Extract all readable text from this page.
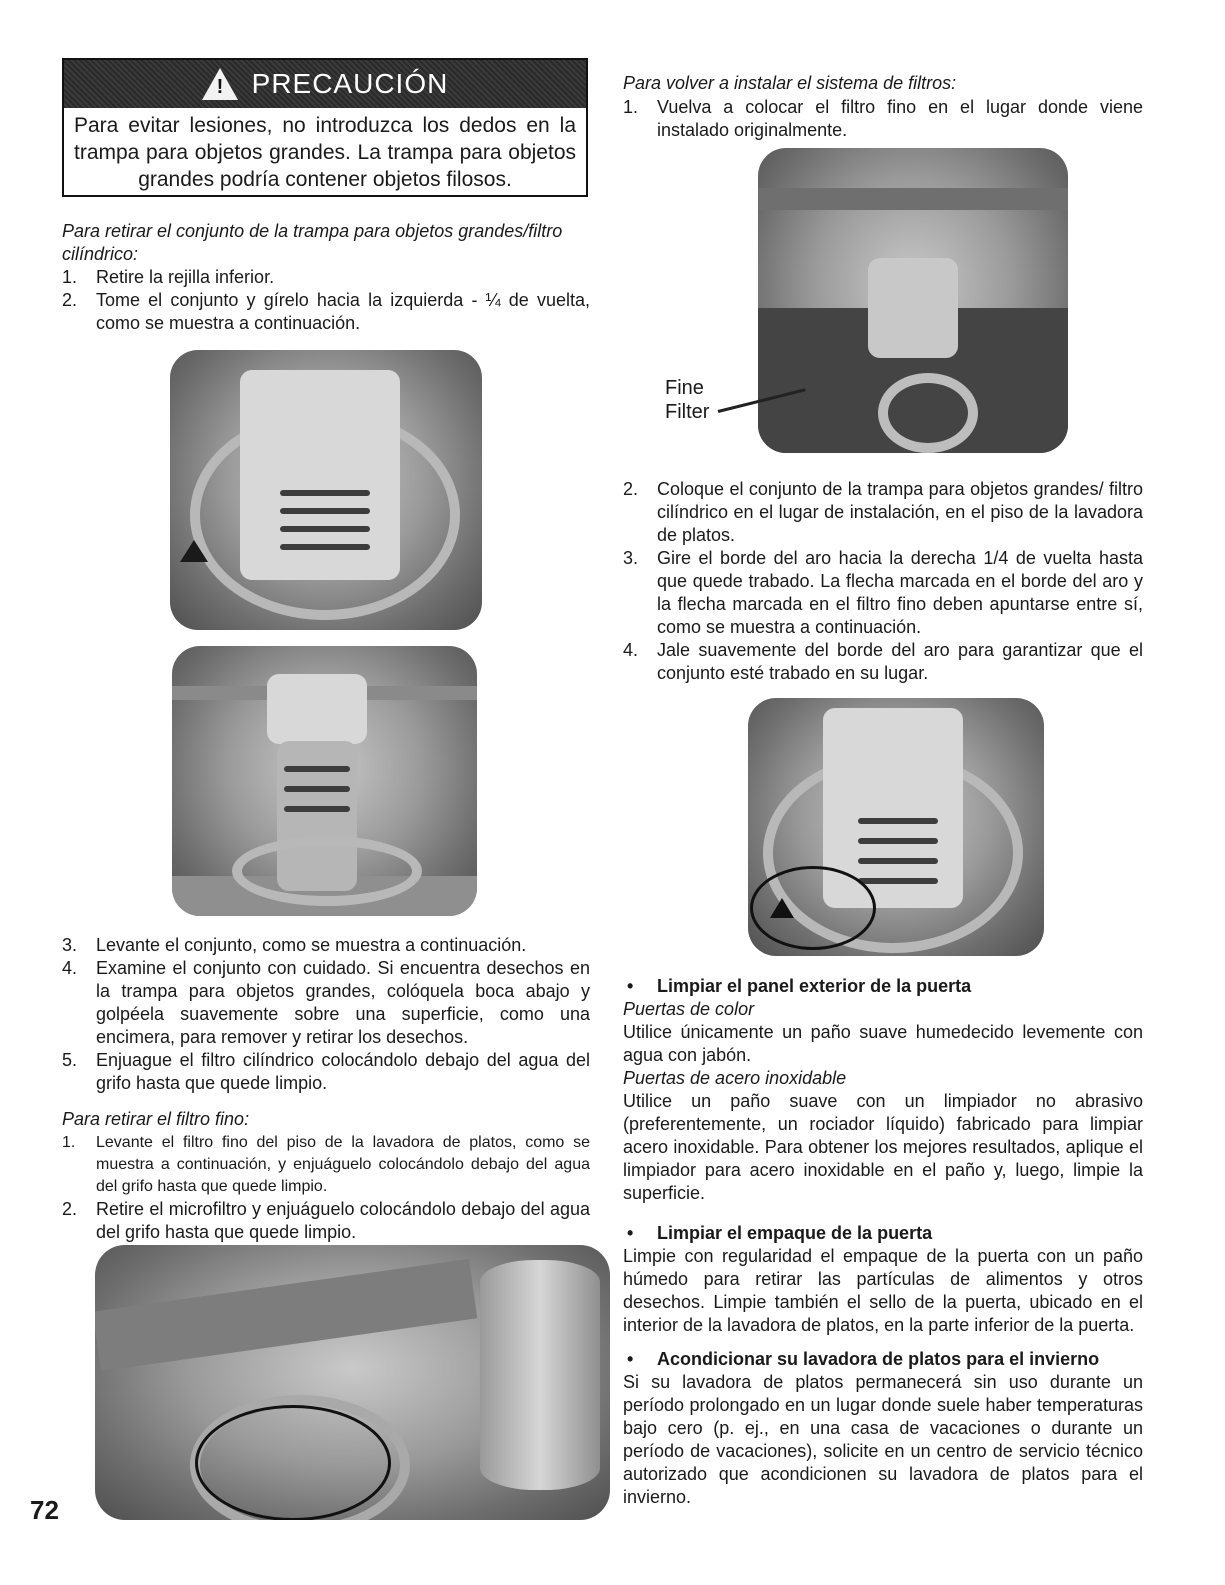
! PRECAUCIÓN
Para evitar lesiones, no introduzca los dedos en la trampa para objetos grandes. La trampa para objetos grandes podría contener objetos filosos.
Para retirar el conjunto de la trampa para objetos grandes/filtro cilíndrico:
1. Retire la rejilla inferior.
2. Tome el conjunto y gírelo hacia la izquierda - ¼ de vuelta, como se muestra a continuación.
3. Levante el conjunto, como se muestra a continuación.
4. Examine el conjunto con cuidado. Si encuentra desechos en la trampa para objetos grandes, colóquela boca abajo y golpéela suavemente sobre una superficie, como una encimera, para remover y retirar los desechos.
5. Enjuague el filtro cilíndrico colocándolo debajo del agua del grifo hasta que quede limpio.
Para retirar el filtro fino:
1. Levante el filtro fino del piso de la lavadora de platos, como se muestra a continuación, y enjuáguelo colocándolo debajo del agua del grifo hasta que quede limpio.
2. Retire el microfiltro y enjuáguelo colocándolo debajo del agua del grifo hasta que quede limpio.
72
Para volver a instalar el sistema de filtros:
1. Vuelva a colocar el filtro fino en el lugar donde viene instalado originalmente.
Fine
Filter
2. Coloque el conjunto de la trampa para objetos grandes/ filtro cilíndrico en el lugar de instalación, en el piso de la lavadora de platos.
3. Gire el borde del aro hacia la derecha 1/4 de vuelta hasta que quede trabado. La flecha marcada en el borde del aro y la flecha marcada en el filtro fino deben apuntarse entre sí, como se muestra a continuación.
4. Jale suavemente del borde del aro para garantizar que el conjunto esté trabado en su lugar.
• Limpiar el panel exterior de la puerta
Puertas de color
Utilice únicamente un paño suave humedecido levemente con agua con jabón.
Puertas de acero inoxidable
Utilice un paño suave con un limpiador no abrasivo (preferentemente, un rociador líquido) fabricado para limpiar acero inoxidable. Para obtener los mejores resultados, aplique el limpiador para acero inoxidable en el paño y, luego, limpie la superficie.
• Limpiar el empaque de la puerta
Limpie con regularidad el empaque de la puerta con un paño húmedo para retirar las partículas de alimentos y otros desechos. Limpie también el sello de la puerta, ubicado en el interior de la lavadora de platos, en la parte inferior de la puerta.
• Acondicionar su lavadora de platos para el invierno
Si su lavadora de platos permanecerá sin uso durante un período prolongado en un lugar donde suele haber temperaturas bajo cero (p. ej., en una casa de vacaciones o durante un período de vacaciones), solicite en un centro de servicio técnico autorizado que acondicionen su lavadora de platos para el invierno.
